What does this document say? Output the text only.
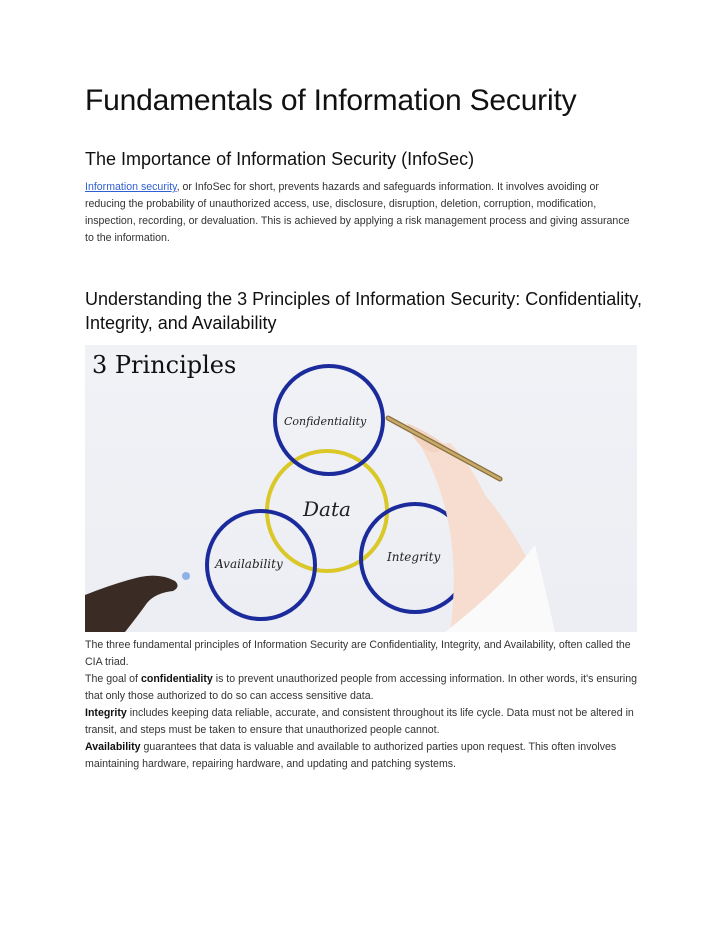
Fundamentals of Information Security
The Importance of Information Security (InfoSec)

Information security, or InfoSec for short, prevents hazards and safeguards information. It involves avoiding or reducing the probability of unauthorized access, use, disclosure, disruption, deletion, corruption, modification, inspection, recording, or devaluation. This is achieved by applying a risk management process and giving assurance to the information.

Understanding the 3 Principles of Information Security: Confidentiality, Integrity, and Availability
3 Principles
Confidentiality
Data
Availability	Integrity

The three fundamental principles of Information Security are Confidentiality, Integrity, and Availability, often called the CIA triad.

The goal of confidentiality is to prevent unauthorized people from accessing information. In other words, it's ensuring that only those authorized to do so can access sensitive data.

Integrity includes keeping data reliable, accurate, and consistent throughout its life cycle. Data must not be altered in transit, and steps must be taken to ensure that unauthorized people cannot.

Availability guarantees that data is valuable and available to authorized parties upon request. This often involves maintaining hardware, repairing hardware, and updating and patching systems.
